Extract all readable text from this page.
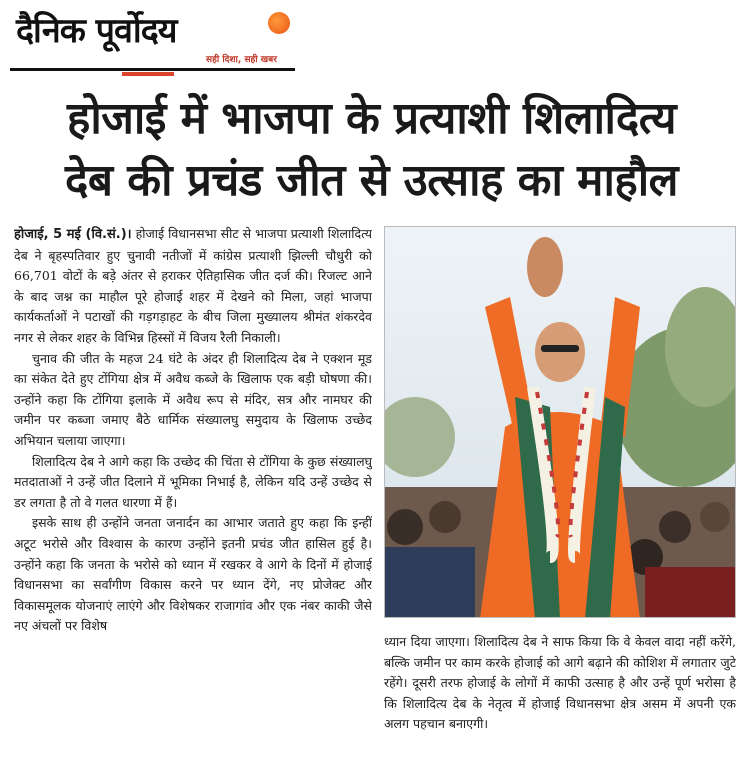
दैनिक पूर्वोदय
सही दिशा, सही खबर
होजाई में भाजपा के प्रत्याशी शिलादित्य
देब की प्रचंड जीत से उत्साह का माहौल

होजाई, 5 मई (वि.सं.)। होजाई विधानसभा सीट से भाजपा प्रत्याशी शिलादित्य देब ने बृहस्पतिवार हुए चुनावी नतीजों में कांग्रेस प्रत्याशी झिल्ली चौधुरी को 66,701 वोटों के बड़े अंतर से हराकर ऐतिहासिक जीत दर्ज की। रिजल्ट आने के बाद जश्न का माहौल पूरे होजाई शहर में देखने को मिला, जहां भाजपा कार्यकर्ताओं ने पटाखों की गड़गड़ाहट के बीच जिला मुख्यालय श्रीमंत शंकरदेव नगर से लेकर शहर के विभिन्न हिस्सों में विजय रैली निकाली।

चुनाव की जीत के महज 24 घंटे के अंदर ही शिलादित्य देब ने एक्शन मूड का संकेत देते हुए टोंगिया क्षेत्र में अवैध कब्जे के खिलाफ एक बड़ी घोषणा की। उन्होंने कहा कि टोंगिया इलाके में अवैध रूप से मंदिर, सत्र और नामघर की जमीन पर कब्जा जमाए बैठे धार्मिक संख्यालघु समुदाय के खिलाफ उच्छेद अभियान चलाया जाएगा।

शिलादित्य देब ने आगे कहा कि उच्छेद की चिंता से टोंगिया के कुछ संख्यालघु मतदाताओं ने उन्हें जीत दिलाने में भूमिका निभाई है, लेकिन यदि उन्हें उच्छेद से डर लगता है तो वे गलत धारणा में हैं।

इसके साथ ही उन्होंने जनता जनार्दन का आभार जताते हुए कहा कि इन्हीं अटूट भरोसे और विश्वास के कारण उन्होंने इतनी प्रचंड जीत हासिल हुई है। उन्होंने कहा कि जनता के भरोसे को ध्यान में रखकर वे आगे के दिनों में होजाई विधानसभा का सर्वांगीण विकास करने पर ध्यान देंगे, नए प्रोजेक्ट और विकासमूलक योजनाएं लाएंगे और विशेषकर राजागांव और एक नंबर काकी जैसे नए अंचलों पर विशेष

ध्यान दिया जाएगा। शिलादित्य देब ने साफ किया कि वे केवल वादा नहीं करेंगे, बल्कि जमीन पर काम करके होजाई को आगे बढ़ाने की कोशिश में लगातार जुटे रहेंगे। दूसरी तरफ होजाई के लोगों में काफी उत्साह है और उन्हें पूर्ण भरोसा है कि शिलादित्य देब के नेतृत्व में होजाई विधानसभा क्षेत्र असम में अपनी एक अलग पहचान बनाएगी।
